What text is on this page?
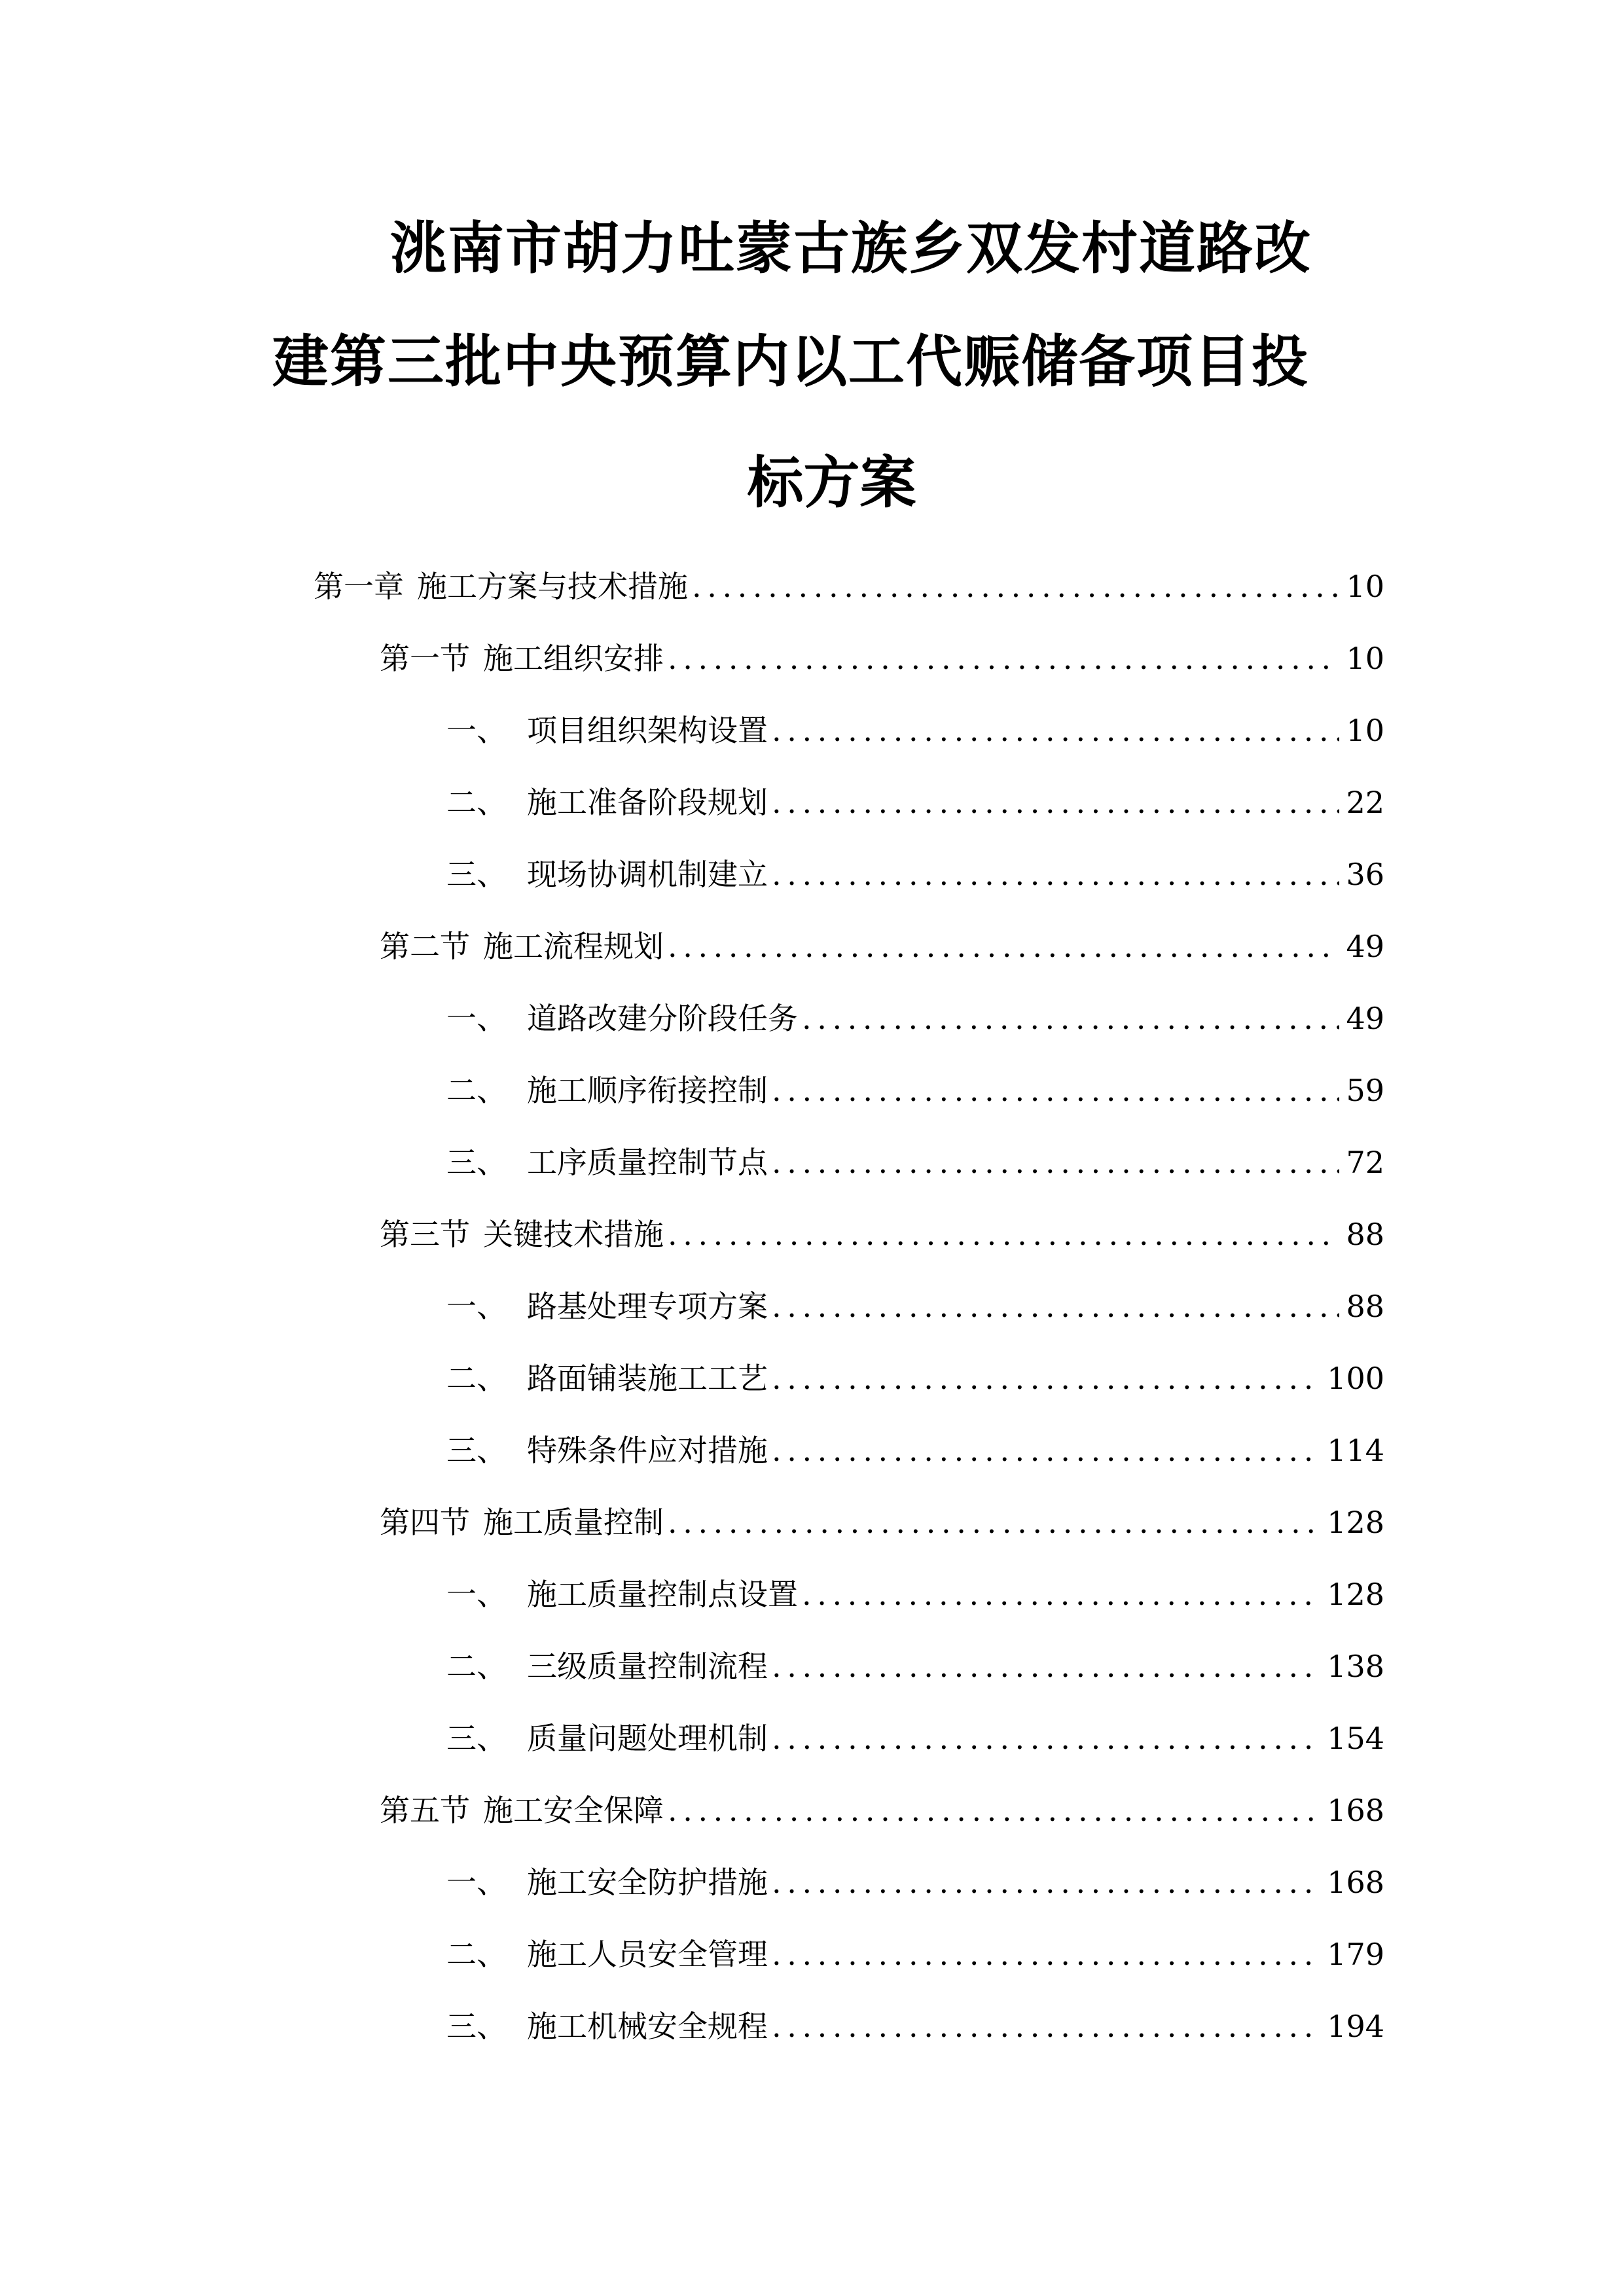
洮南市胡力吐蒙古族乡双发村道路改
建第三批中央预算内以工代赈储备项目投
标方案
第一章 施工方案与技术措施 .....	10
第一节 施工组织安排 .....	10
一、 项目组织架构设置 .....	10
二、 施工准备阶段规划 .....	22
三、 现场协调机制建立 .....	36
第二节 施工流程规划 .....	49
一、 道路改建分阶段任务 .....	49
二、 施工顺序衔接控制 .....	59
三、 工序质量控制节点 .....	72
第三节 关键技术措施 .....	88
一、 路基处理专项方案 .....	88
二、 路面铺装施工工艺 .....	100
三、 特殊条件应对措施 .....	114
第四节 施工质量控制 .....	128
一、 施工质量控制点设置 .....	128
二、 三级质量控制流程 .....	138
三、 质量问题处理机制 .....	154
第五节 施工安全保障 .....	168
一、 施工安全防护措施 .....	168
二、 施工人员安全管理 .....	179
三、 施工机械安全规程 .....	194
